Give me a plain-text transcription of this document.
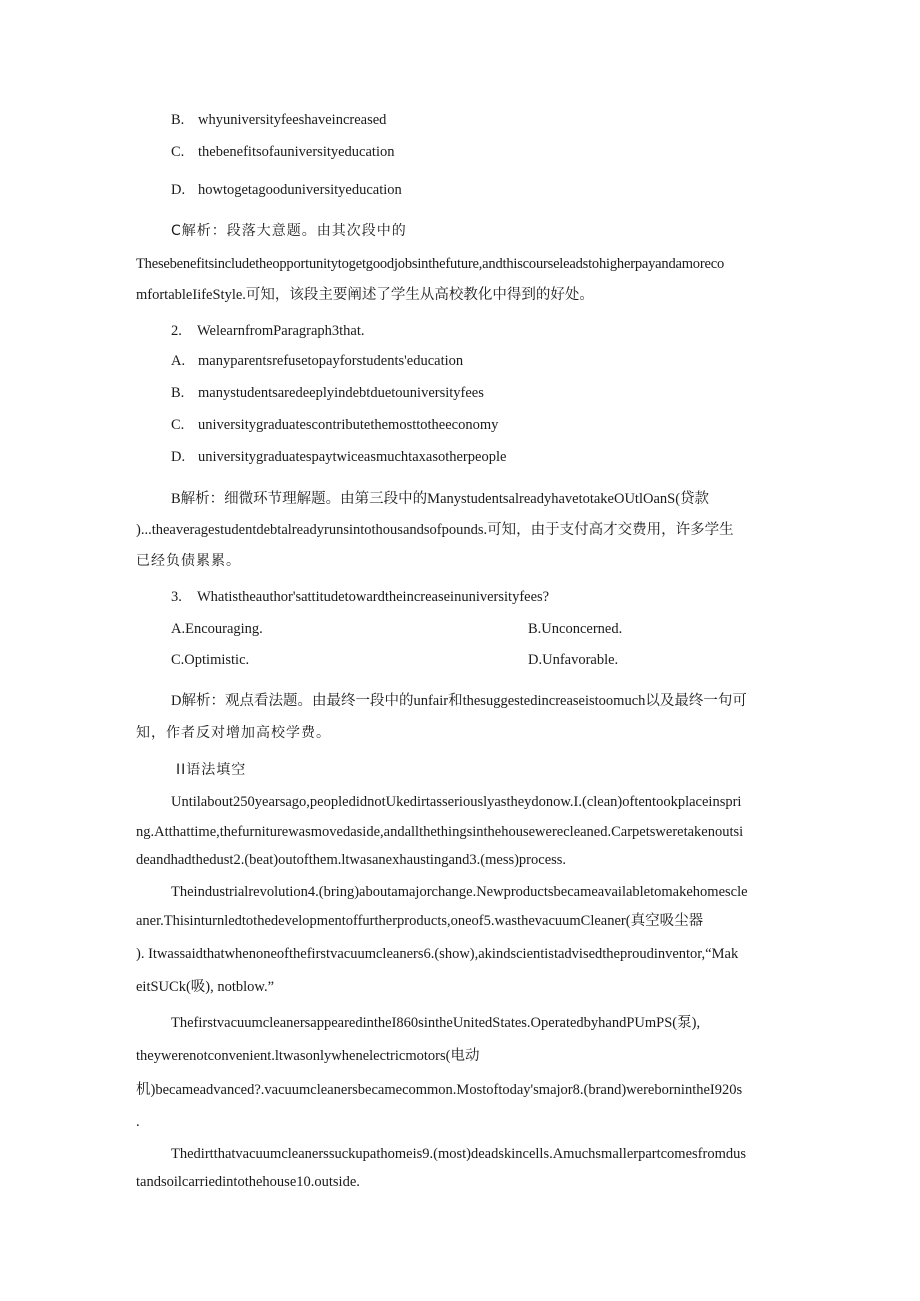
B. whyuniversityfeeshaveincreased
C. thebenefitsofauniversityeducation
D. howtogetagooduniversityeducation
C解析：段落大意题。由其次段中的
Thesebenefitsincludetheopportunitytogetgoodjobsinthefuture,andthiscourseleadstohigherpayandamoreco
mfortableIifeStyle.可知，该段主要阐述了学生从高校教化中得到的好处。
2. WelearnfromParagraph3that.
A. manyparentsrefusetopayforstudents'education
B. manystudentsaredeeplyindebtduetouniversityfees
C. universitygraduatescontributethemosttotheeconomy
D. universitygraduatespaytwiceasmuchtaxasotherpeople
B解析：细微环节理解题。由第三段中的ManystudentsalreadyhavetotakeOUtlOanS(贷款
)...theaveragestudentdebtalreadyrunsintothousandsofpounds.可知，由于支付高才交费用，许多学生
已经负债累累。
3. Whatistheauthor'sattitudetowardtheincreaseinuniversityfees?
A.Encouraging.	B.Unconcerned.
C.Optimistic.	D.Unfavorable.
D解析：观点看法题。由最终一段中的unfair和thesuggestedincreaseistoomuch以及最终一句可
知，作者反对增加高校学费。
II语法填空
Untilabout250yearsago,peopledidnotUkedirtasseriouslyastheydonow.I.(clean)oftentookplaceinspri
ng.Atthattime,thefurniturewasmovedaside,andallthethingsinthehousewerecleaned.Carpetsweretakenoutsi
deandhadthedust2.(beat)outofthem.ltwasanexhaustingand3.(mess)process.
Theindustrialrevolution4.(bring)aboutamajorchange.Newproductsbecameavailabletomakehomescle
aner.Thisinturnledtothedevelopmentoffurtherproducts,oneof5.wasthevacuumCleaner(真空吸尘器
). Itwassaidthatwhenoneofthefirstvacuumcleaners6.(show),akindscientistadvisedtheproudinventor,“Mak
eitSUCk(吸), notblow.”
ThefirstvacuumcleanersappearedintheI860sintheUnitedStates.OperatedbyhandPUmPS(泵),
theywerenotconvenient.ltwasonlywhenelectricmotors(电动
机)becameadvanced?.vacuumcleanersbecamecommon.Mostoftoday'smajor8.(brand)werebornintheI920s
.
Thedirtthatvacuumcleanerssuckupathomeis9.(most)deadskincells.Amuchsmallerpartcomesfromdus
tandsoilcarriedintothehouse10.outside.
